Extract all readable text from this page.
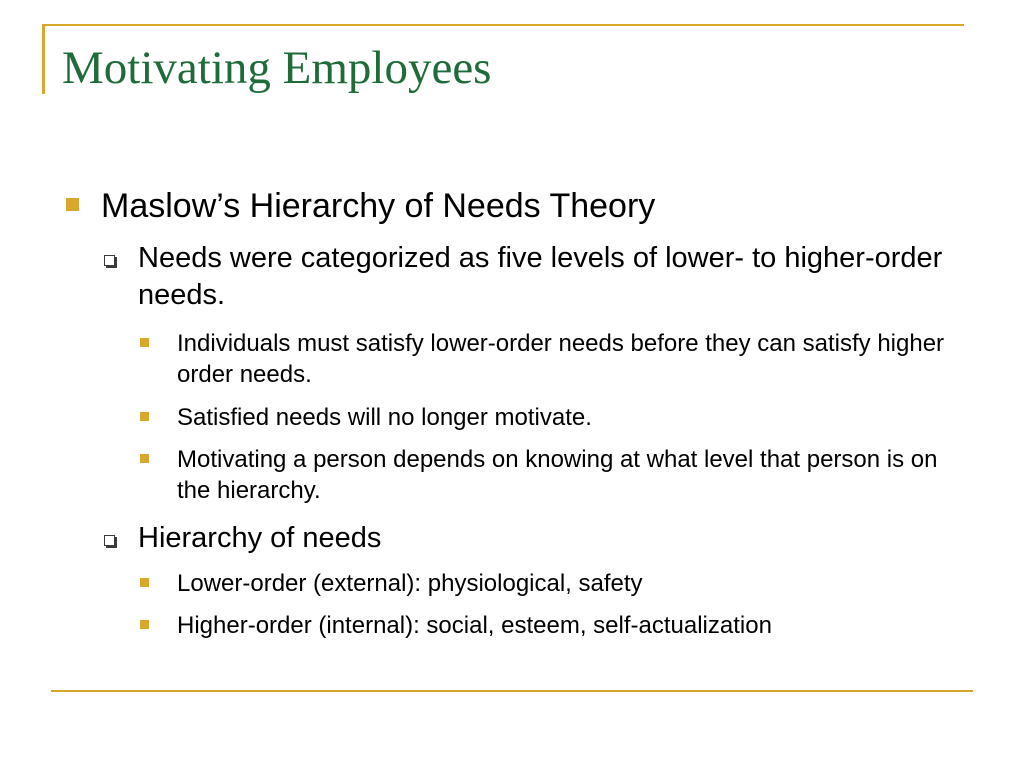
Motivating Employees
Maslow’s Hierarchy of Needs Theory
Needs were categorized as five levels of lower- to higher-order needs.
Individuals must satisfy lower-order needs before they can satisfy higher order needs.
Satisfied needs will no longer motivate.
Motivating a person depends on knowing at what level that person is on the hierarchy.
Hierarchy of needs
Lower-order (external): physiological, safety
Higher-order (internal): social, esteem, self-actualization
